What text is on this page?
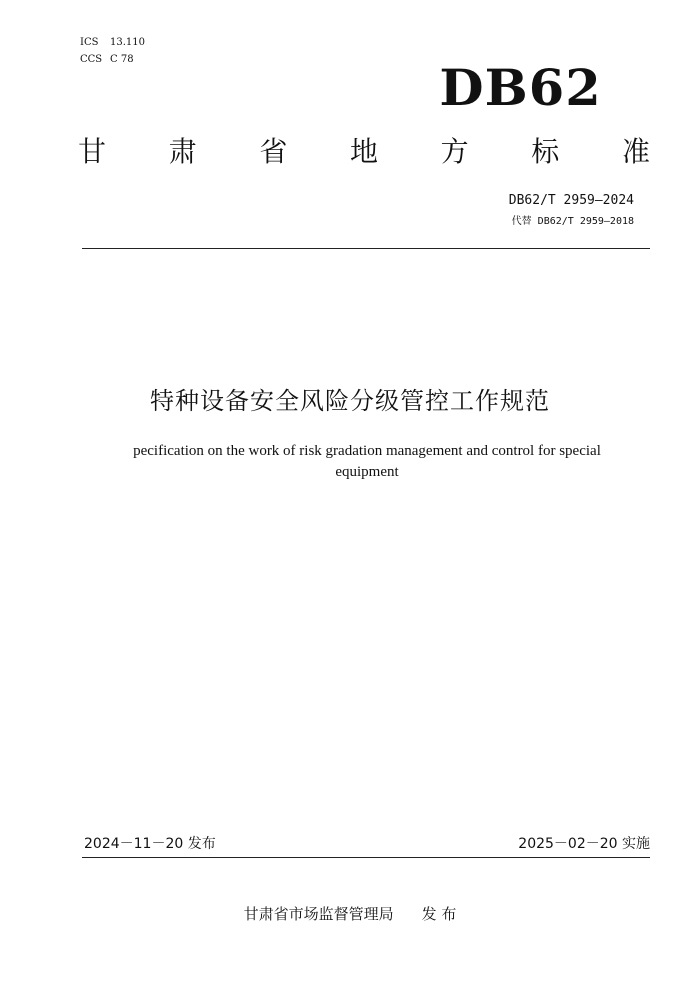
ICS	13.110
CCS C 78	DB62
甘 肃 省 地 方 标 准
DB62/T 2959—2024
代替 DB62/T 2959—2018
特种设备安全风险分级管控工作规范
pecification on the work of risk gradation management and control for special equipment
2024－11－20 发布	2025－02－20 实施
甘肃省市场监督管理局 发 布
